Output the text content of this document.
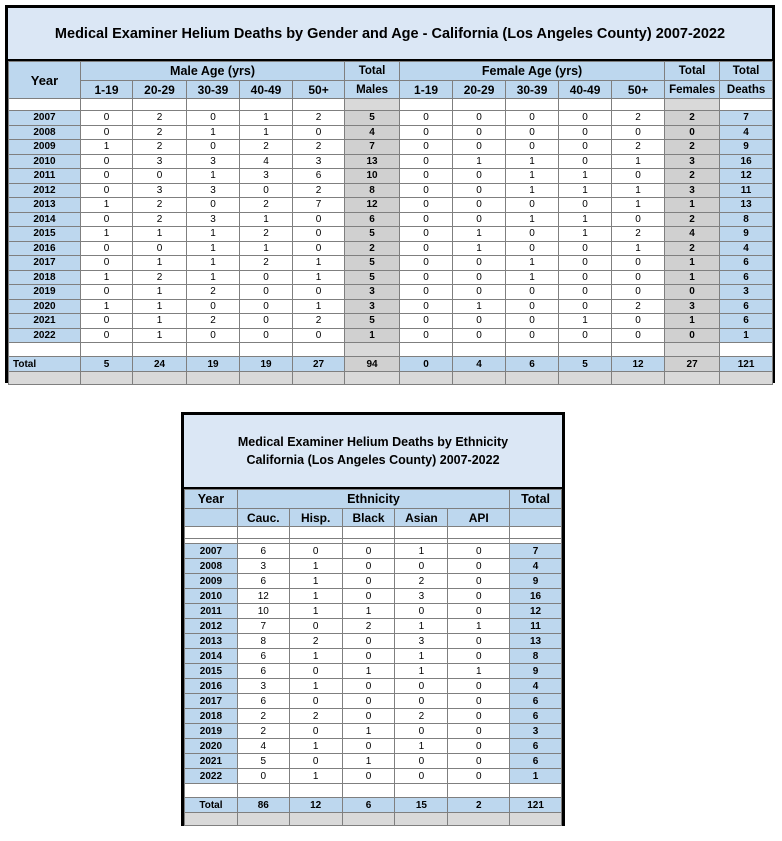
Medical Examiner Helium Deaths by Gender and Age - California (Los Angeles County) 2007-2022
Year	Male Age (yrs)					Total	Female Age (yrs)					Total	Total
	1-19	20-29	30-39	40-49	50+	Males	1-19	20-29	30-39	40-49	50+	Females	Deaths

2007	0	2	0	1	2	5	0	0	0	0	2	2	7
2008	0	2	1	1	0	4	0	0	0	0	0	0	4
2009	1	2	0	2	2	7	0	0	0	0	2	2	9
2010	0	3	3	4	3	13	0	1	1	0	1	3	16
2011	0	0	1	3	6	10	0	0	1	1	0	2	12
2012	0	3	3	0	2	8	0	0	1	1	1	3	11
2013	1	2	0	2	7	12	0	0	0	0	1	1	13
2014	0	2	3	1	0	6	0	0	1	1	0	2	8
2015	1	1	1	2	0	5	0	1	0	1	2	4	9
2016	0	0	1	1	0	2	0	1	0	0	1	2	4
2017	0	1	1	2	1	5	0	0	1	0	0	1	6
2018	1	2	1	0	1	5	0	0	1	0	0	1	6
2019	0	1	2	0	0	3	0	0	0	0	0	0	3
2020	1	1	0	0	1	3	0	1	0	0	2	3	6
2021	0	1	2	0	2	5	0	0	0	1	0	1	6
2022	0	1	0	0	0	1	0	0	0	0	0	0	1

Total	5	24	19	19	27	94	0	4	6	5	12	27	121

Medical Examiner Helium Deaths by Ethnicity
California (Los Angeles County) 2007-2022
Year	Ethnicity					Total
	Cauc.	Hisp.	Black	Asian	API	

2007	6	0	0	1	0	7
2008	3	1	0	0	0	4
2009	6	1	0	2	0	9
2010	12	1	0	3	0	16
2011	10	1	1	0	0	12
2012	7	0	2	1	1	11
2013	8	2	0	3	0	13
2014	6	1	0	1	0	8
2015	6	0	1	1	1	9
2016	3	1	0	0	0	4
2017	6	0	0	0	0	6
2018	2	2	0	2	0	6
2019	2	0	1	0	0	3
2020	4	1	0	1	0	6
2021	5	0	1	0	0	6
2022	0	1	0	0	0	1

Total	86	12	6	15	2	121
